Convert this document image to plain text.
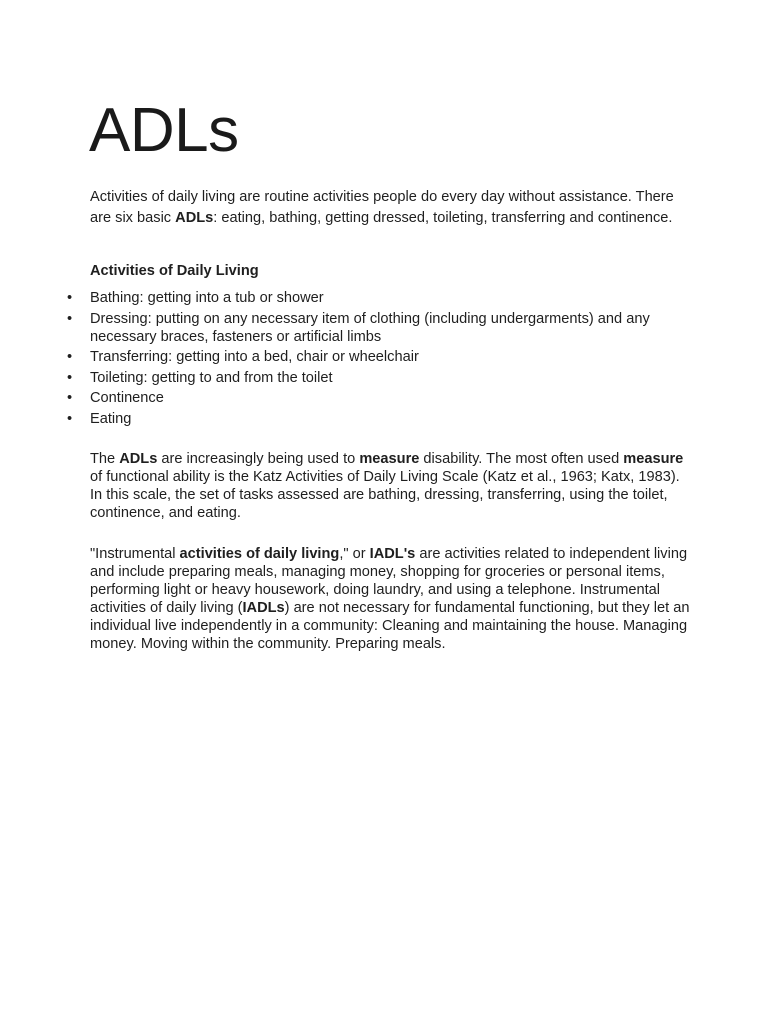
ADLs

Activities of daily living are routine activities people do every day without assistance. There are six basic ADLs: eating, bathing, getting dressed, toileting, transferring and continence.

Activities of Daily Living

• Bathing: getting into a tub or shower
• Dressing: putting on any necessary item of clothing (including undergarments) and any necessary braces, fasteners or artificial limbs
• Transferring: getting into a bed, chair or wheelchair
• Toileting: getting to and from the toilet
• Continence
• Eating

The ADLs are increasingly being used to measure disability. The most often used measure of functional ability is the Katz Activities of Daily Living Scale (Katz et al., 1963; Katx, 1983). In this scale, the set of tasks assessed are bathing, dressing, transferring, using the toilet, continence, and eating.

"Instrumental activities of daily living," or IADL's are activities related to independent living and include preparing meals, managing money, shopping for groceries or personal items, performing light or heavy housework, doing laundry, and using a telephone. Instrumental activities of daily living (IADLs) are not necessary for fundamental functioning, but they let an individual live independently in a community: Cleaning and maintaining the house. Managing money. Moving within the community. Preparing meals.
